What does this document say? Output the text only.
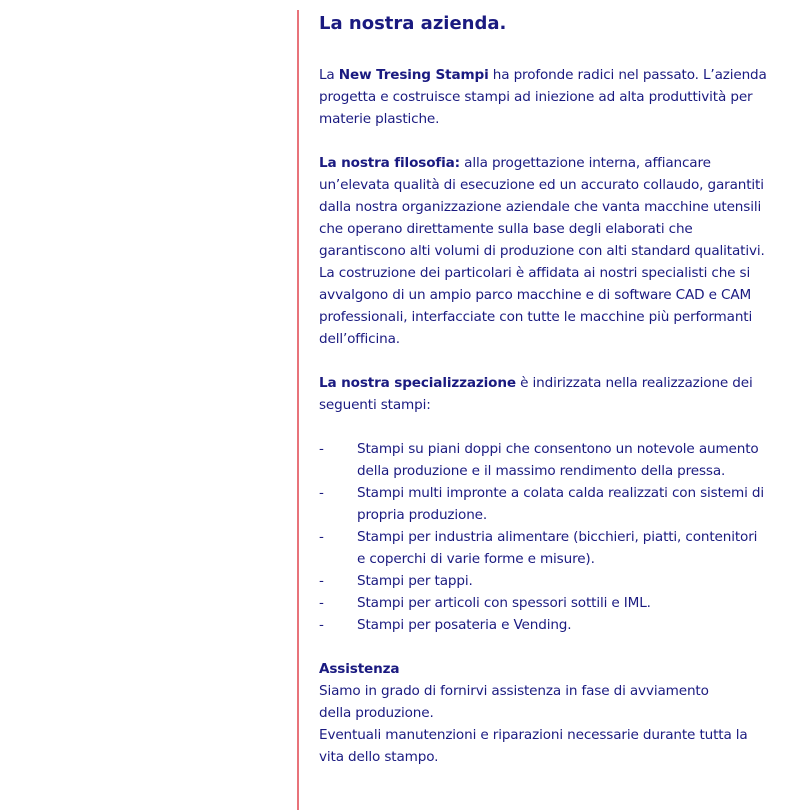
La nostra azienda.

La New Tresing Stampi ha profonde radici nel passato. L’azienda progetta e costruisce stampi ad iniezione ad alta produttività per materie plastiche.

La nostra filosofia: alla progettazione interna, affiancare un’elevata qualità di esecuzione ed un accurato collaudo, garantiti dalla nostra organizzazione aziendale che vanta macchine utensili che operano direttamente sulla base degli elaborati che garantiscono alti volumi di produzione con alti standard qualitativi. La costruzione dei particolari è affidata ai nostri specialisti che si avvalgono di un ampio parco macchine e di software CAD e CAM professionali, interfacciate con tutte le macchine più performanti dell’officina.

La nostra specializzazione è indirizzata nella realizzazione dei seguenti stampi:

- Stampi su piani doppi che consentono un notevole aumento della produzione e il massimo rendimento della pressa.
- Stampi multi impronte a colata calda realizzati con sistemi di propria produzione.
- Stampi per industria alimentare (bicchieri, piatti, contenitori e coperchi di varie forme e misure).
- Stampi per tappi.
- Stampi per articoli con spessori sottili e IML.
- Stampi per posateria e Vending.

Assistenza

Siamo in grado di fornirvi assistenza in fase di avviamento

della produzione.

Eventuali manutenzioni e riparazioni necessarie durante tutta la vita dello stampo.
